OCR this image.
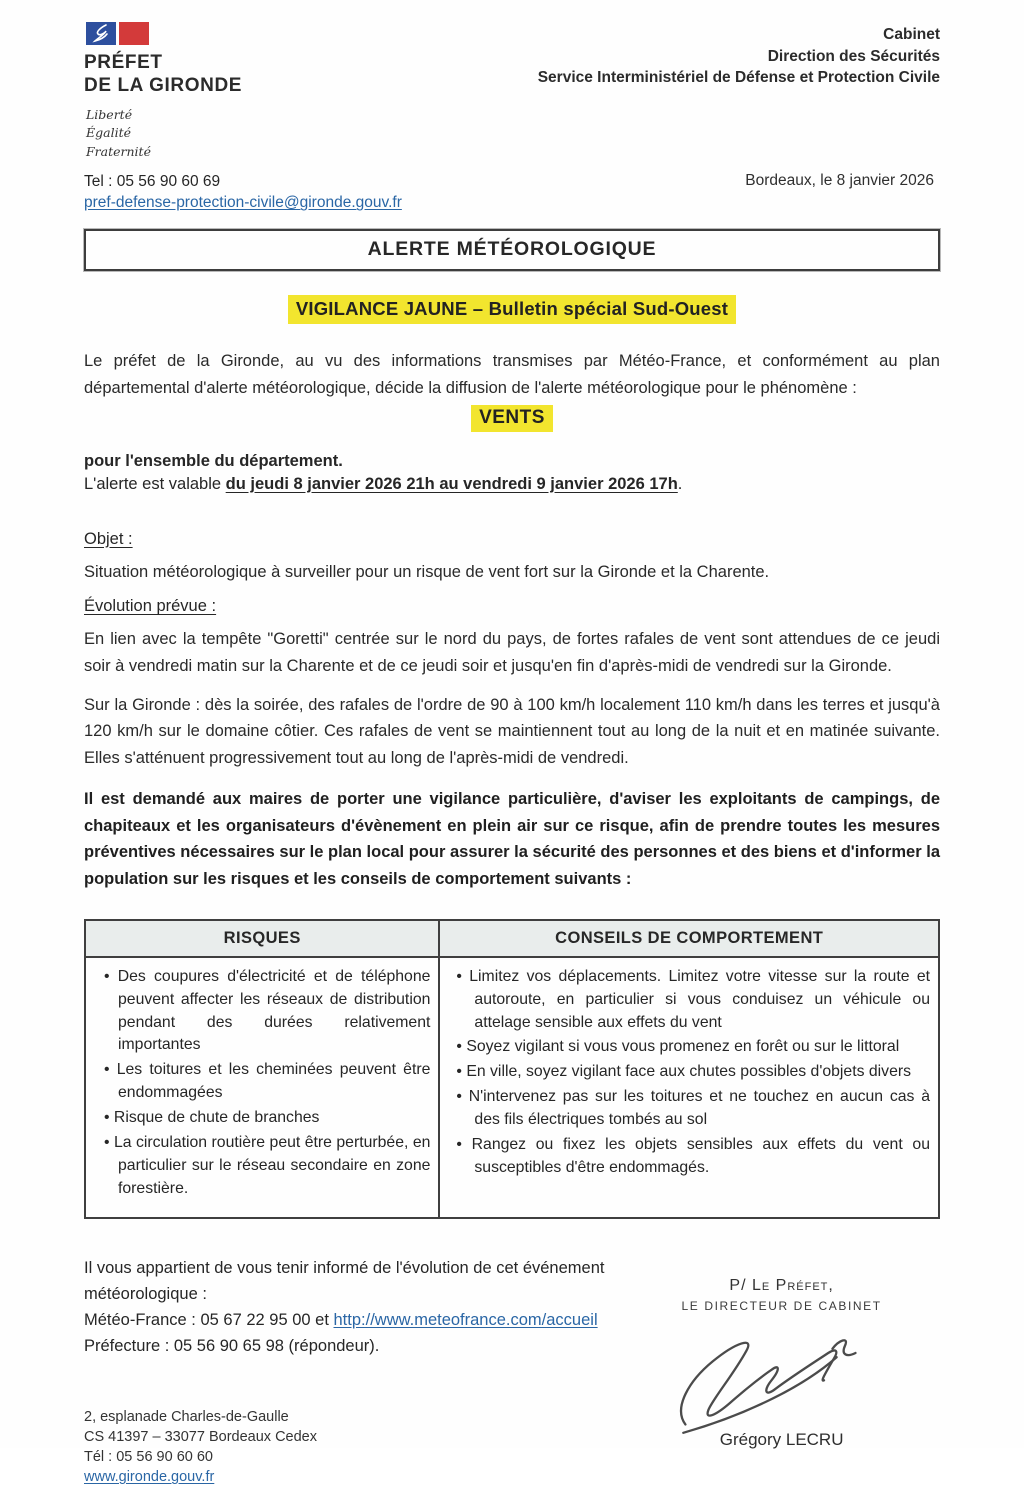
PRÉFET
DE LA GIRONDE
Liberté
Égalité
Fraternité
Cabinet
Direction des Sécurités
Service Interministériel de Défense et Protection Civile
Tel : 05 56 90 60 69
pref-defense-protection-civile@gironde.gouv.fr
Bordeaux, le 8 janvier 2026
ALERTE MÉTÉOROLOGIQUE
VIGILANCE JAUNE – Bulletin spécial Sud-Ouest

Le préfet de la Gironde, au vu des informations transmises par Météo-France, et conformément au plan départemental d'alerte météorologique, décide la diffusion de l'alerte météorologique pour le phénomène :

VENTS
pour l'ensemble du département.
L'alerte est valable du jeudi 8 janvier 2026 21h au vendredi 9 janvier 2026 17h.
Objet :

Situation météorologique à surveiller pour un risque de vent fort sur la Gironde et la Charente.

Évolution prévue :

En lien avec la tempête "Goretti" centrée sur le nord du pays, de fortes rafales de vent sont attendues de ce jeudi soir à vendredi matin sur la Charente et de ce jeudi soir et jusqu'en fin d'après-midi de vendredi sur la Gironde.

Sur la Gironde : dès la soirée, des rafales de l'ordre de 90 à 100 km/h localement 110 km/h dans les terres et jusqu'à 120 km/h sur le domaine côtier. Ces rafales de vent se maintiennent tout au long de la nuit et en matinée suivante. Elles s'atténuent progressivement tout au long de l'après-midi de vendredi.

Il est demandé aux maires de porter une vigilance particulière, d'aviser les exploitants de campings, de chapiteaux et les organisateurs d'évènement en plein air sur ce risque, afin de prendre toutes les mesures préventives nécessaires sur le plan local pour assurer la sécurité des personnes et des biens et d'informer la population sur les risques et les conseils de comportement suivants :

RISQUES	CONSEILS DE COMPORTEMENT

• Des coupures d'électricité et de téléphone peuvent affecter les réseaux de distribution pendant des durées relativement importantes
• Les toitures et les cheminées peuvent être endommagées
• Risque de chute de branches
• La circulation routière peut être perturbée, en particulier sur le réseau secondaire en zone forestière.

• Limitez vos déplacements. Limitez votre vitesse sur la route et autoroute, en particulier si vous conduisez un véhicule ou attelage sensible aux effets du vent
• Soyez vigilant si vous vous promenez en forêt ou sur le littoral
• En ville, soyez vigilant face aux chutes possibles d'objets divers
• N'intervenez pas sur les toitures et ne touchez en aucun cas à des fils électriques tombés au sol
• Rangez ou fixez les objets sensibles aux effets du vent ou susceptibles d'être endommagés.
Il vous appartient de vous tenir informé de l'évolution de cet événement météorologique :
Météo-France : 05 67 22 95 00 et http://www.meteofrance.com/accueil
Préfecture : 05 56 90 65 98 (répondeur).
2, esplanade Charles-de-Gaulle
CS 41397 – 33077 Bordeaux Cedex
Tél : 05 56 90 60 60
www.gironde.gouv.fr
P/ Le Préfet,
LE DIRECTEUR DE CABINET
Grégory LECRU
